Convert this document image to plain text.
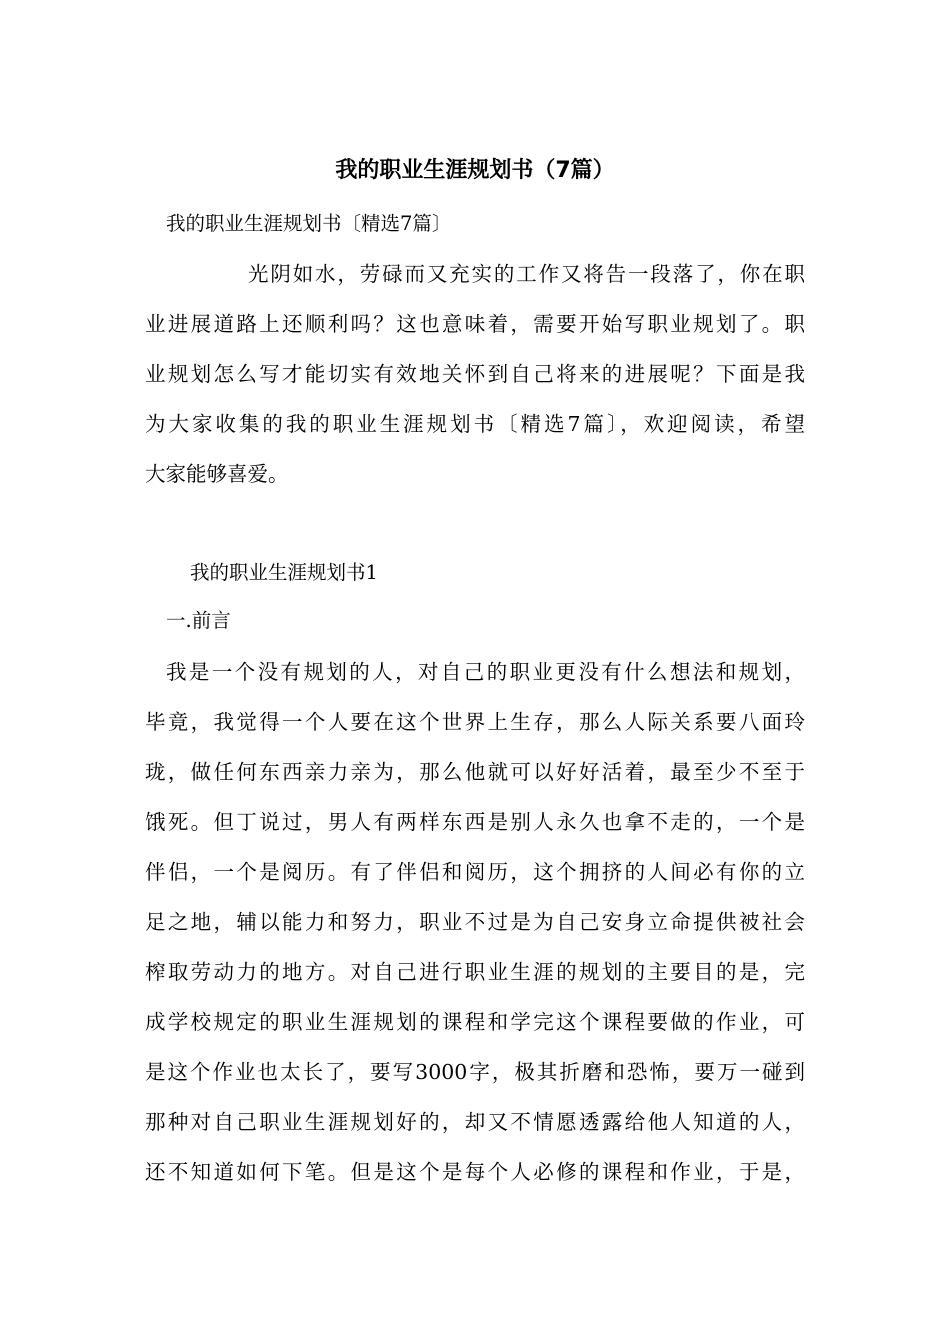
我的职业生涯规划书（7篇）
我的职业生涯规划书〔精选7篇〕
光阴如水，劳碌而又充实的工作又将告一段落了，你在职
业进展道路上还顺利吗？这也意味着，需要开始写职业规划了。职
业规划怎么写才能切实有效地关怀到自己将来的进展呢？下面是我
为大家收集的我的职业生涯规划书〔精选7篇〕，欢迎阅读，希望
大家能够喜爱。
我的职业生涯规划书1
一.前言
我是一个没有规划的人，对自己的职业更没有什么想法和规划，
毕竟，我觉得一个人要在这个世界上生存，那么人际关系要八面玲
珑，做任何东西亲力亲为，那么他就可以好好活着，最至少不至于
饿死。但丁说过，男人有两样东西是别人永久也拿不走的，一个是
伴侣，一个是阅历。有了伴侣和阅历，这个拥挤的人间必有你的立
足之地，辅以能力和努力，职业不过是为自己安身立命提供被社会
榨取劳动力的地方。对自己进行职业生涯的规划的主要目的是，完
成学校规定的职业生涯规划的课程和学完这个课程要做的作业，可
是这个作业也太长了，要写3000字，极其折磨和恐怖，要万一碰到
那种对自己职业生涯规划好的，却又不情愿透露给他人知道的人，
还不知道如何下笔。但是这个是每个人必修的课程和作业，于是，
